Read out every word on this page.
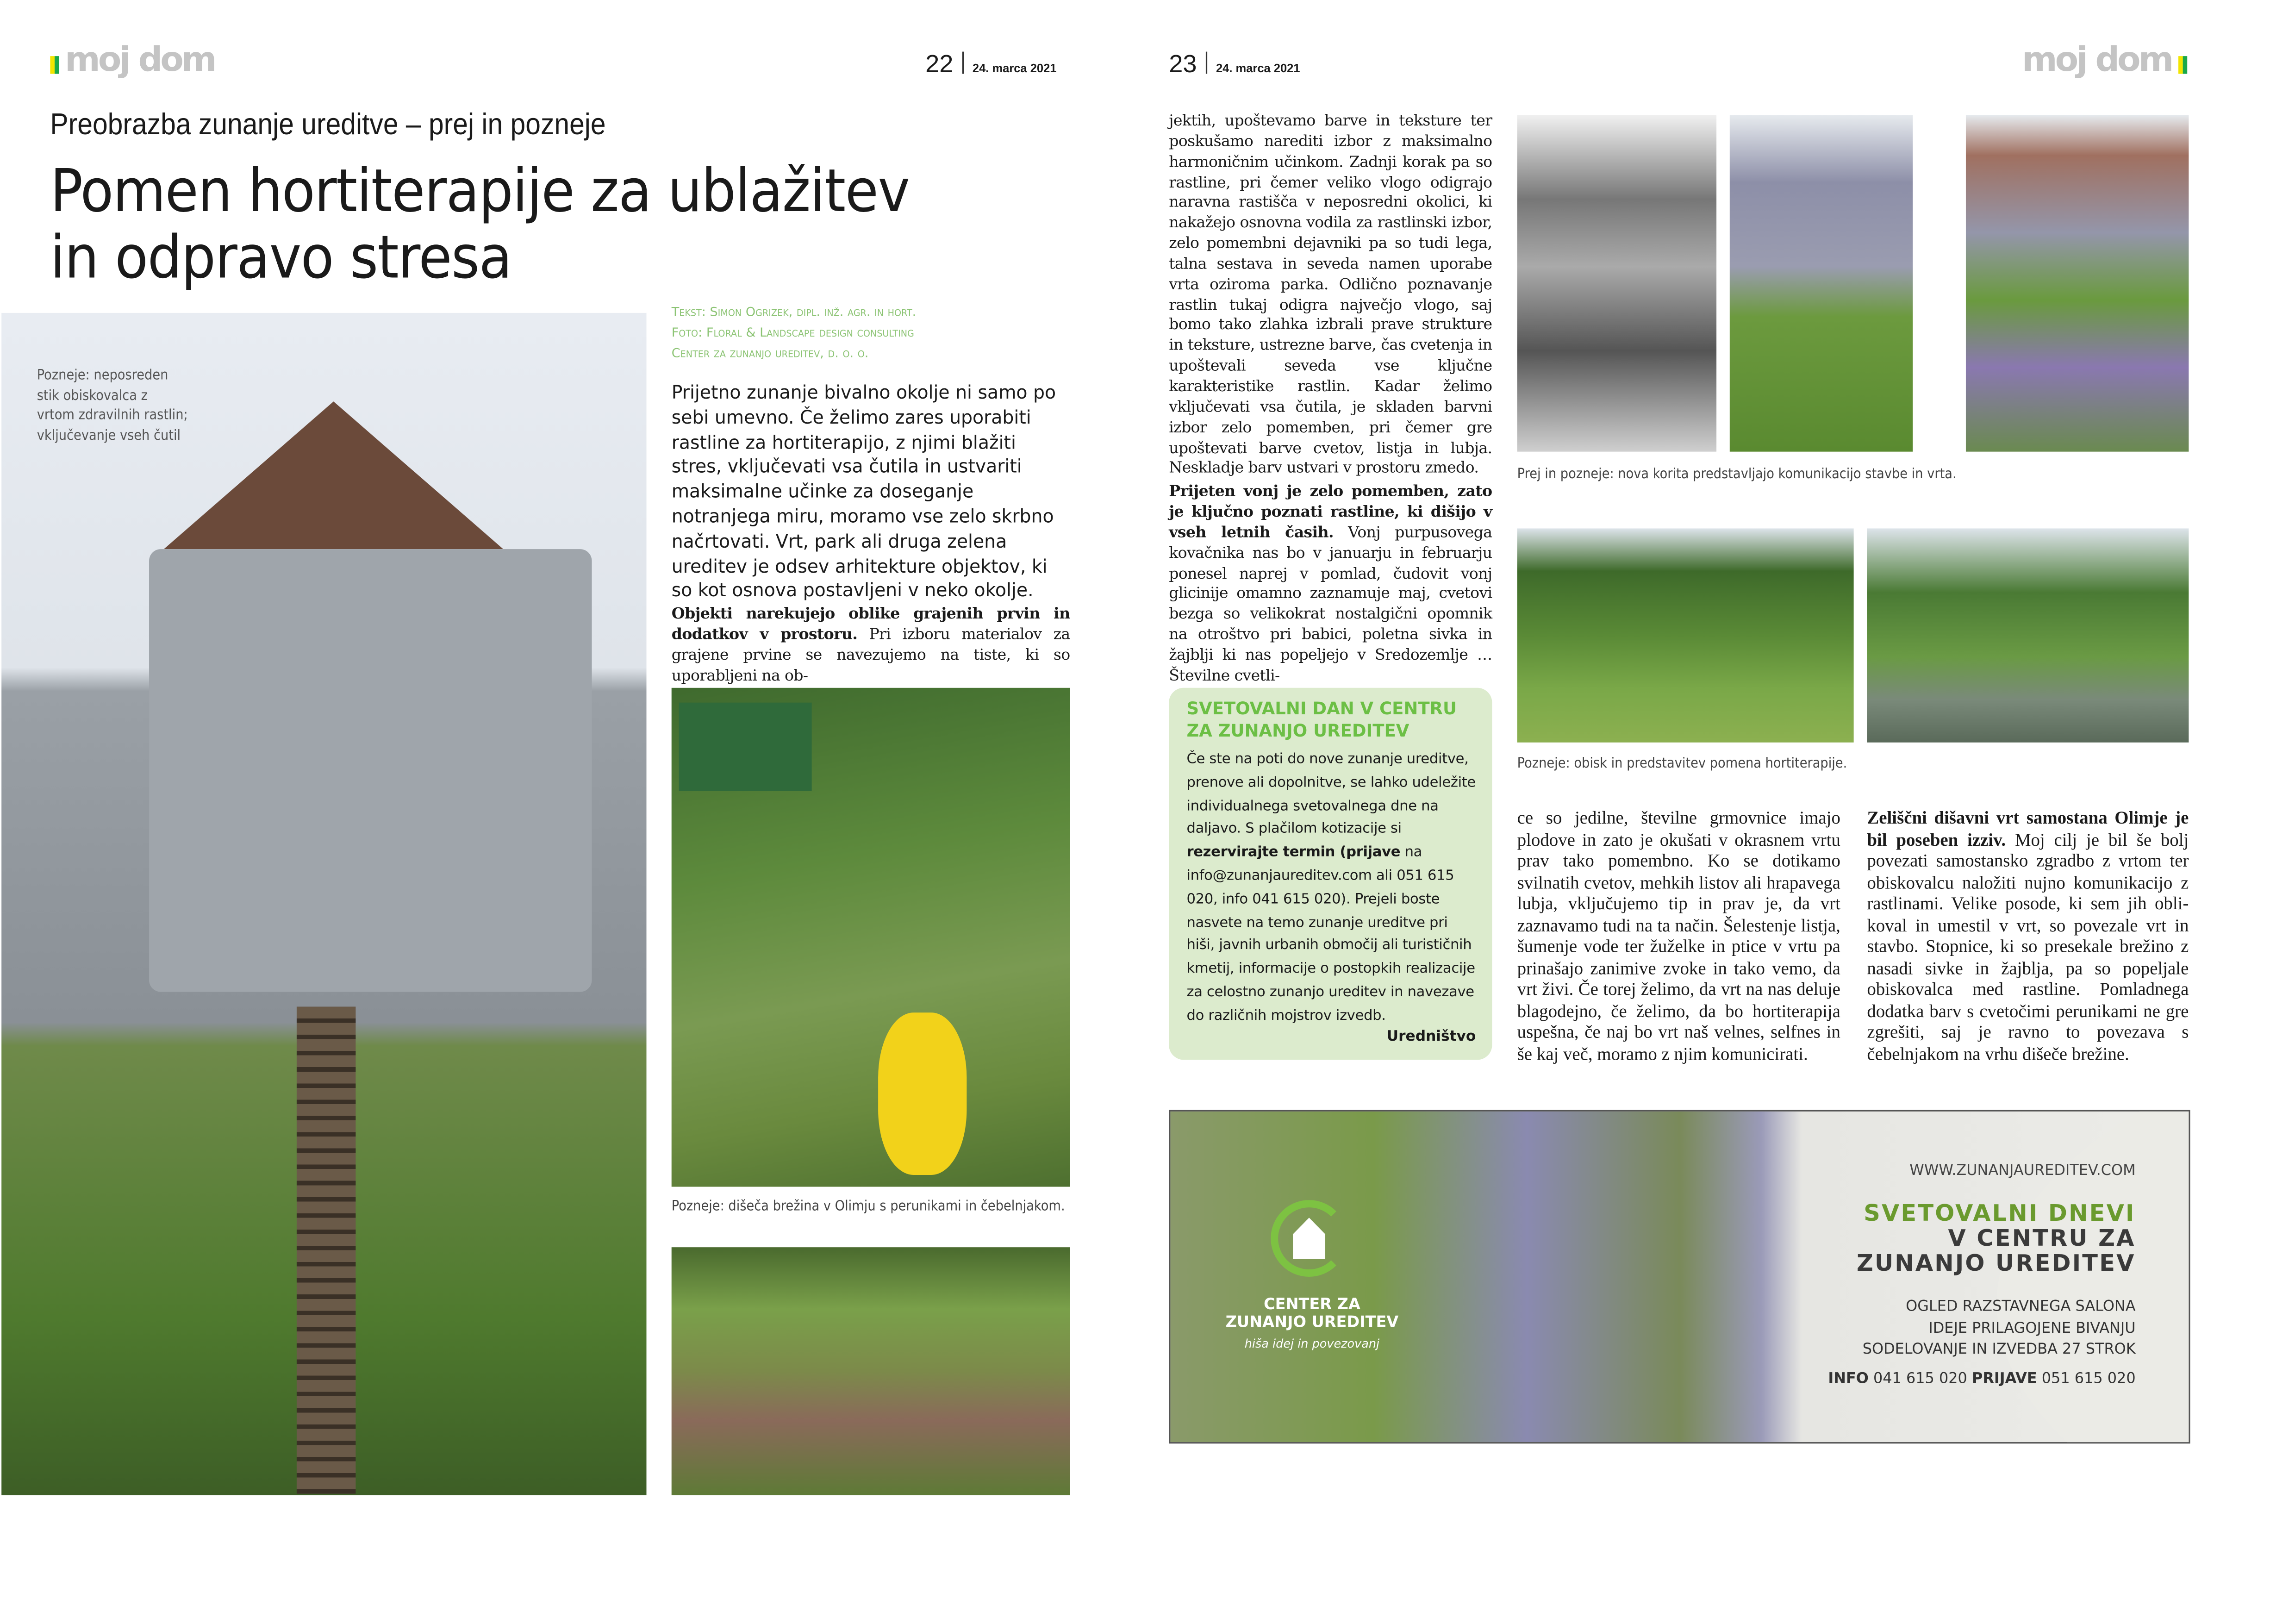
moj dom	22	24. marca 2021	23	24. marca 2021	moj dom
Preobrazba zunanje ureditve – prej in pozneje
Pomen hortiterapije za ublažitev
in odpravo stresa
Pozneje: neposreden
stik obiskovalca z
vrtom zdravilnih rastlin;
vključevanje vseh čutil
Tekst: Simon Ogrizek, dipl. inž. agr. in hort.
Foto: Floral & Landscape design consulting
Center za zunanjo ureditev, d. o. o.
Prijetno zunanje bivalno okolje ni samo po sebi umevno. Če želimo zares uporabiti rastline za hortiterapijo, z njimi blažiti stres, vključevati vsa čutila in ustvariti maksimalne učinke za doseganje notranjega miru, moramo vse zelo skrbno načrtovati. Vrt, park ali druga zelena ureditev je odsev arhitekture objektov, ki so kot osnova postavljeni v neko okolje.
Objekti narekujejo oblike grajenih prvin in dodatkov v prostoru. Pri izboru materialov za grajene prvine se navezujemo na tiste, ki so uporabljeni na ob-
Pozneje: dišeča brežina v Olimju s perunikami in čebelnjakom.
jektih, upoštevamo barve in teksture ter poskušamo narediti izbor z maksimalno harmoničnim učinkom. Zadnji korak pa so rastline, pri čemer veliko vlogo odigrajo naravna rastišča v neposredni okolici, ki nakažejo osnovna vodila za rastlinski izbor, zelo pomembni dejavniki pa so tudi lega, talna sestava in seveda namen uporabe vrta oziroma parka. Odlično poznavanje rastlin tukaj odigra največjo vlogo, saj bomo tako zlahka izbrali prave strukture in teksture, ustrezne barve, čas cvetenja in upoštevali seveda vse ključne karakteristike rastlin. Kadar želimo vključevati vsa čutila, je skladen barvni izbor zelo pomemben, pri čemer gre upoštevati barve cvetov, listja in lubja. Neskladje barv ustvari v prostoru zmedo.
Prijeten vonj je zelo pomemben, zato je ključno poznati rastline, ki dišijo v vseh letnih časih. Vonj purpusovega kovačnika nas bo v januarju in februarju ponesel naprej v pomlad, čudovit vonj glicinije omamno zaznamuje maj, cvetovi bezga so velikokrat nostalgični opomnik na otroštvo pri babici, poletna sivka in žajblji ki nas popeljejo v Sredozemlje … Številne cvetli-
SVETOVALNI DAN V CENTRU ZA ZUNANJO UREDITEV

Če ste na poti do nove zunanje ureditve, prenove ali dopolnitve, se lahko udeležite individualnega svetovalnega dne na daljavo. S plačilom kotizacije si rezervirajte termin (prijave na info@zunanjaureditev.com ali 051 615 020, info 041 615 020). Prejeli boste nasvete na temo zunanje ureditve pri hiši, javnih urbanih območij ali turističnih kmetij, informacije o postopkih realizacije za celostno zunanjo ureditev in navezave do različnih mojstrov izvedb.

Uredništvo
Prej in pozneje: nova korita predstavljajo komunikacijo stavbe in vrta.
Pozneje: obisk in predstavitev pomena hortiterapije.
ce so jedilne, številne grmovnice imajo plodove in zato je okušati v okrasnem vrtu prav tako pomembno. Ko se dotikamo svilnatih cvetov, mehkih listov ali hrapavega lubja, vključujemo tip in prav je, da vrt zaznavamo tudi na ta način. Šelestenje listja, šumenje vode ter žuželke in ptice v vrtu pa prinašajo zanimive zvoke in tako vemo, da vrt živi. Če torej želimo, da vrt na nas deluje blagodejno, če želimo, da bo hortiterapija uspešna, če naj bo vrt naš velnes, selfnes in še kaj več, moramo z njim komunicirati.
Zeliščni dišavni vrt samostana Olimje je bil poseben izziv. Moj cilj je bil še bolj povezati samostansko zgradbo z vrtom ter obiskovalcu naložiti nujno komunikacijo z rastlinami. Velike posode, ki sem jih oblikoval in umestil v vrt, so povezale vrt in stavbo. Stopnice, ki so presekale brežino z nasadi sivke in žajblja, pa so popeljale obiskovalca med rastline. Pomladnega dodatka barv s cvetočimi perunikami ne gre zgrešiti, saj je ravno to povezava s čebelnjakom na vrhu dišeče brežine.
CENTER ZA
ZUNANJO UREDITEV
hiša idej in povezovanj
WWW.ZUNANJAUREDITEV.COM
SVETOVALNI DNEVI
V CENTRU ZA
ZUNANJO UREDITEV
OGLED RAZSTAVNEGA SALONA
IDEJE PRILAGOJENE BIVANJU
SODELOVANJE IN IZVEDBA 27 STROK
INFO 041 615 020 PRIJAVE 051 615 020
